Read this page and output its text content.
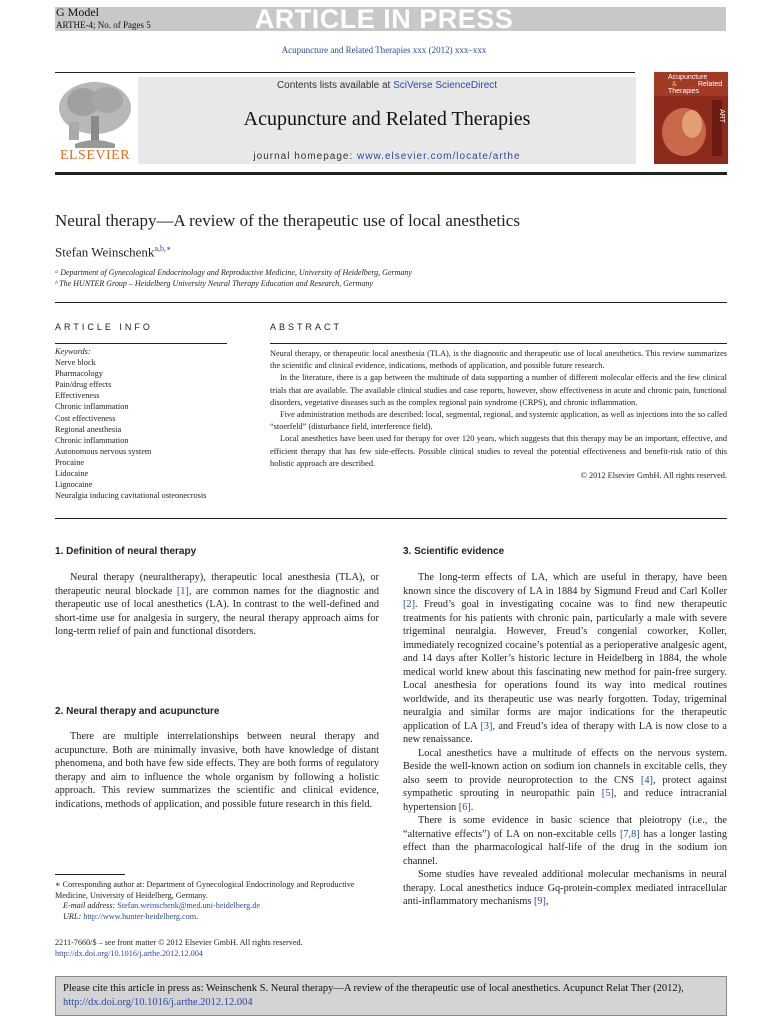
ARTICLE IN PRESS
G Model
ARTHE-4; No. of Pages 5
Acupuncture and Related Therapies xxx (2012) xxx–xxx
ELSEVIER
Contents lists available at SciVerse ScienceDirect
Acupuncture and Related Therapies
journal homepage: www.elsevier.com/locate/arthe
Acupuncture
&	Related
Therapies
ART
Neural therapy—A review of the therapeutic use of local anesthetics
Stefan Weinschenk$^{a,b,∗}$
ᵃ Department of Gynecological Endocrinology and Reproductive Medicine, University of Heidelberg, Germany
ᵇ The HUNTER Group – Heidelberg University Neural Therapy Education and Research, Germany
ARTICLE INFO
Keywords:
Nerve block
Pharmacology
Pain/drug effects
Effectiveness
Chronic inflammation
Cost effectiveness
Regional anesthesia
Chronic inflammation
Autonomous nervous system
Procaine
Lidocaine
Lignocaine
Neuralgia inducing cavitational osteonecrosis
ABSTRACT

Neural therapy, or therapeutic local anesthesia (TLA), is the diagnostic and therapeutic use of local anesthetics. This review summarizes the scientific and clinical evidence, indications, methods of application, and possible future research.

In the literature, there is a gap between the multitude of data supporting a number of different molecular effects and the few clinical trials that are available. The available clinical studies and case reports, however, show effectiveness in acute and chronic pain, functional disorders, vegetative diseases such as the complex regional pain syndrome (CRPS), and chronic inflammation.

Five administration methods are described: local, segmental, regional, and systemic application, as well as injections into the so called “stoerfeld” (disturbance field, interference field).

Local anesthetics have been used for therapy for over 120 years, which suggests that this therapy may be an important, effective, and efficient therapy that has few side-effects. Possible clinical studies to reveal the potential effectiveness and benefit-risk ratio of this holistic approach are described.

© 2012 Elsevier GmbH. All rights reserved.

1. Definition of neural therapy

Neural therapy (neuraltherapy), therapeutic local anesthesia (TLA), or therapeutic neural blockade [1], are common names for the diagnostic and therapeutic use of local anesthetics (LA). In contrast to the well-defined and short-time use for analgesia in surgery, the neural therapy approach aims for long-term relief of pain and functional disorders.

2. Neural therapy and acupuncture

There are multiple interrelationships between neural therapy and acupuncture. Both are minimally invasive, both have knowledge of distant phenomena, and both have few side effects. They are both forms of regulatory therapy and aim to influence the whole organism by following a holistic approach. This review summarizes the scientific and clinical evidence, indications, methods of application, and possible future research in this field.

3. Scientific evidence

The long-term effects of LA, which are useful in therapy, have been known since the discovery of LA in 1884 by Sigmund Freud and Carl Koller [2]. Freud’s goal in investigating cocaine was to find new therapeutic treatments for his patients with chronic pain, particularly a male with severe trigeminal neuralgia. However, Freud’s congenial coworker, Koller, immediately recognized cocaine’s potential as a perioperative analgesic agent, and 14 days after Koller’s historic lecture in Heidelberg in 1884, the whole medical world knew about this fascinating new method for pain-free surgery. Local anesthesia for operations found its way into medical routines worldwide, and its therapeutic use was nearly forgotten. Today, trigeminal neuralgia and similar forms are major indications for the therapeutic application of LA [3], and Freud’s idea of therapy with LA is now close to a new renaissance.

Local anesthetics have a multitude of effects on the nervous system. Beside the well-known action on sodium ion channels in excitable cells, they also seem to provide neuroprotection to the CNS [4], protect against sympathetic sprouting in neuropathic pain [5], and reduce intracranial hypertension [6].

There is some evidence in basic science that pleiotropy (i.e., the “alternative effects”) of LA on non-excitable cells [7,8] has a longer lasting effect than the pharmacological half-life of the drug in the sodium ion channel.

Some studies have revealed additional molecular mechanisms in neural therapy. Local anesthetics induce Gq-protein-complex mediated intracellular anti-inflammatory mechanisms [9],

∗ Corresponding author at: Department of Gynecological Endocrinology and Reproductive Medicine, University of Heidelberg, Germany.

E-mail address: Stefan.weinschenk@med.uni-heidelberg.de

URL: http://www.hunter-heidelberg.com.

2211-7660/$ – see front matter © 2012 Elsevier GmbH. All rights reserved.
http://dx.doi.org/10.1016/j.arthe.2012.12.004
Please cite this article in press as: Weinschenk S. Neural therapy—A review of the therapeutic use of local anesthetics. Acupunct Relat Ther (2012), http://dx.doi.org/10.1016/j.arthe.2012.12.004
